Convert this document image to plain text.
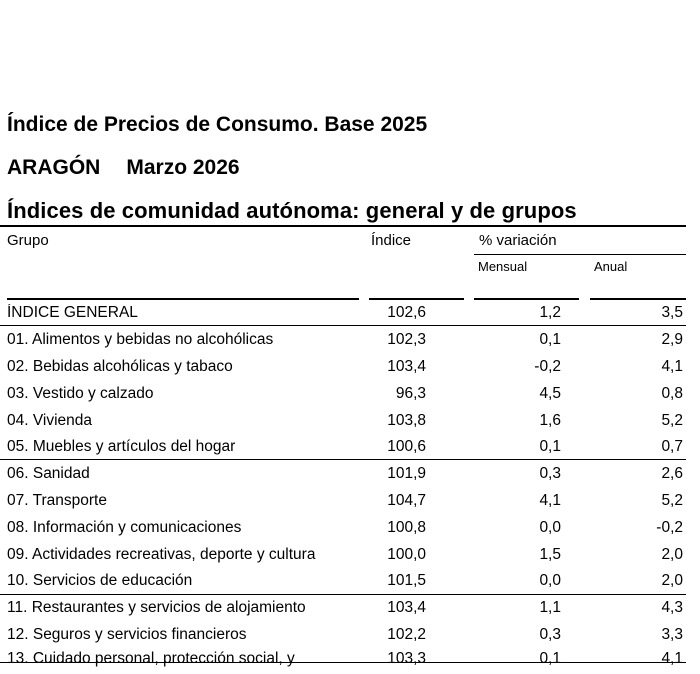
Índice de Precios de Consumo. Base 2025
ARAGÓN Marzo 2026
Índices de comunidad autónoma: general y de grupos
Grupo	Índice	% variación
Mensual	Anual
ÍNDICE GENERAL	102,6	1,2	3,5
01. Alimentos y bebidas no alcohólicas	102,3	0,1	2,9
02. Bebidas alcohólicas y tabaco	103,4	-0,2	4,1
03. Vestido y calzado	96,3	4,5	0,8
04. Vivienda	103,8	1,6	5,2
05. Muebles y artículos del hogar	100,6	0,1	0,7
06. Sanidad	101,9	0,3	2,6
07. Transporte	104,7	4,1	5,2
08. Información y comunicaciones	100,8	0,0	-0,2
09. Actividades recreativas, deporte y cultura	100,0	1,5	2,0
10. Servicios de educación	101,5	0,0	2,0
11. Restaurantes y servicios de alojamiento	103,4	1,1	4,3
12. Seguros y servicios financieros	102,2	0,3	3,3
13. Cuidado personal, protección social, y	103,3	0,1	4,1
